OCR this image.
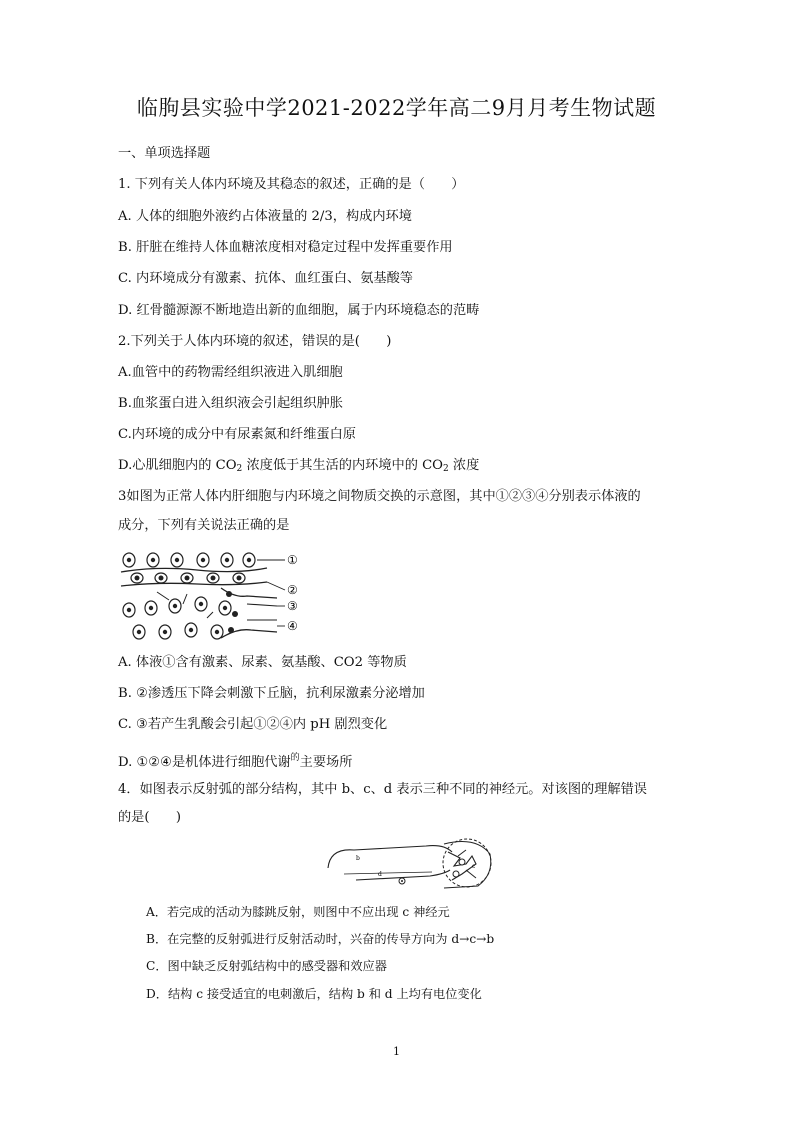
临朐县实验中学2021-2022学年高二9月月考生物试题
一、单项选择题
1. 下列有关人体内环境及其稳态的叙述，正确的是（　　）
A. 人体的细胞外液约占体液量的 2/3，构成内环境
B. 肝脏在维持人体血糖浓度相对稳定过程中发挥重要作用
C. 内环境成分有激素、抗体、血红蛋白、氨基酸等
D. 红骨髓源源不断地造出新的血细胞，属于内环境稳态的范畴
2.下列关于人体内环境的叙述，错误的是(　　)
A.血管中的药物需经组织液进入肌细胞
B.血浆蛋白进入组织液会引起组织肿胀
C.内环境的成分中有尿素氮和纤维蛋白原
D.心肌细胞内的 $CO_2$ 浓度低于其生活的内环境中的 $CO_2$ 浓度
3如图为正常人体内肝细胞与内环境之间物质交换的示意图，其中①②③④分别表示体液的
成分，下列有关说法正确的是
①
②
③
④
A. 体液①含有激素、尿素、氨基酸、CO2 等物质
B. ②渗透压下降会刺激下丘脑，抗利尿激素分泌增加
C. ③若产生乳酸会引起①②④内 pH 剧烈变化
D. ①②④是机体进行细胞代谢$^的$主要场所
4．如图表示反射弧的部分结构，其中 b、c、d 表示三种不同的神经元。对该图的理解错误
的是(　　)
b
d
c
A．若完成的活动为膝跳反射，则图中不应出现 c 神经元
B．在完整的反射弧进行反射活动时，兴奋的传导方向为 d→c→b
C．图中缺乏反射弧结构中的感受器和效应器
D．结构 c 接受适宜的电刺激后，结构 b 和 d 上均有电位变化
1
